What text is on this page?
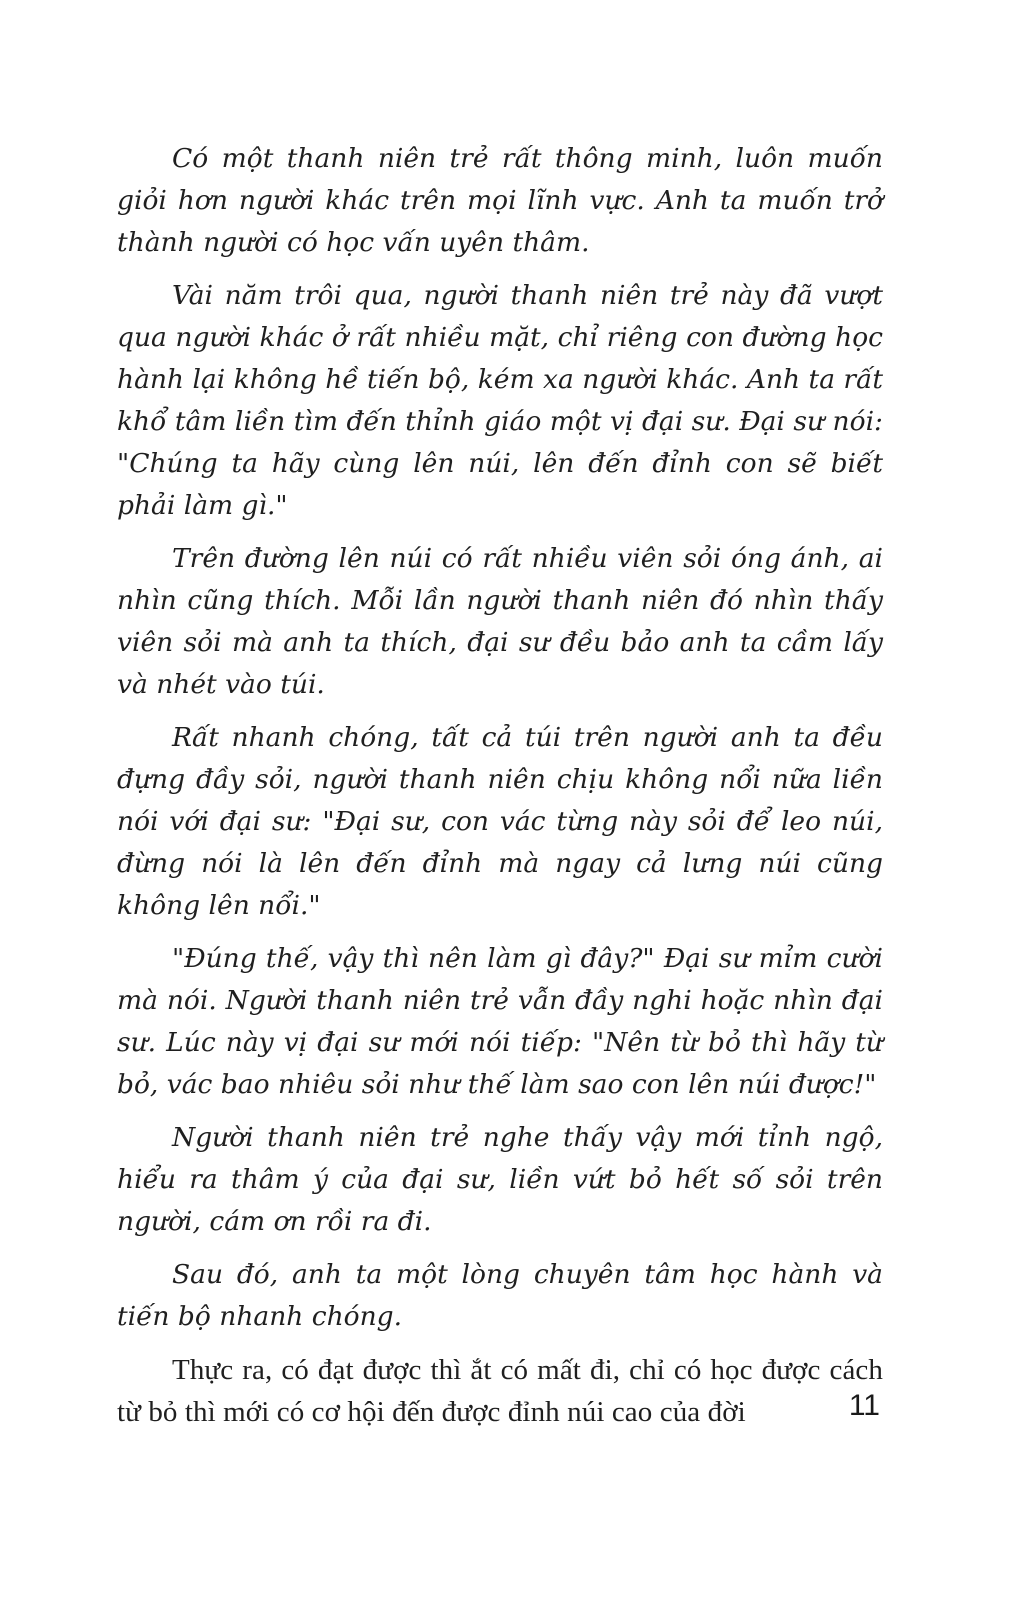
Có một thanh niên trẻ rất thông minh, luôn muốn giỏi hơn người khác trên mọi lĩnh vực. Anh ta muốn trở thành người có học vấn uyên thâm.

Vài năm trôi qua, người thanh niên trẻ này đã vượt qua người khác ở rất nhiều mặt, chỉ riêng con đường học hành lại không hề tiến bộ, kém xa người khác. Anh ta rất khổ tâm liền tìm đến thỉnh giáo một vị đại sư. Đại sư nói: "Chúng ta hãy cùng lên núi, lên đến đỉnh con sẽ biết phải làm gì."

Trên đường lên núi có rất nhiều viên sỏi óng ánh, ai nhìn cũng thích. Mỗi lần người thanh niên đó nhìn thấy viên sỏi mà anh ta thích, đại sư đều bảo anh ta cầm lấy và nhét vào túi.

Rất nhanh chóng, tất cả túi trên người anh ta đều đựng đầy sỏi, người thanh niên chịu không nổi nữa liền nói với đại sư: "Đại sư, con vác từng này sỏi để leo núi, đừng nói là lên đến đỉnh mà ngay cả lưng núi cũng không lên nổi."

"Đúng thế, vậy thì nên làm gì đây?" Đại sư mỉm cười mà nói. Người thanh niên trẻ vẫn đầy nghi hoặc nhìn đại sư. Lúc này vị đại sư mới nói tiếp: "Nên từ bỏ thì hãy từ bỏ, vác bao nhiêu sỏi như thế làm sao con lên núi được!"

Người thanh niên trẻ nghe thấy vậy mới tỉnh ngộ, hiểu ra thâm ý của đại sư, liền vứt bỏ hết số sỏi trên người, cám ơn rồi ra đi.

Sau đó, anh ta một lòng chuyên tâm học hành và tiến bộ nhanh chóng.

Thực ra, có đạt được thì ắt có mất đi, chỉ có học được cách từ bỏ thì mới có cơ hội đến được đỉnh núi cao của đời	11
